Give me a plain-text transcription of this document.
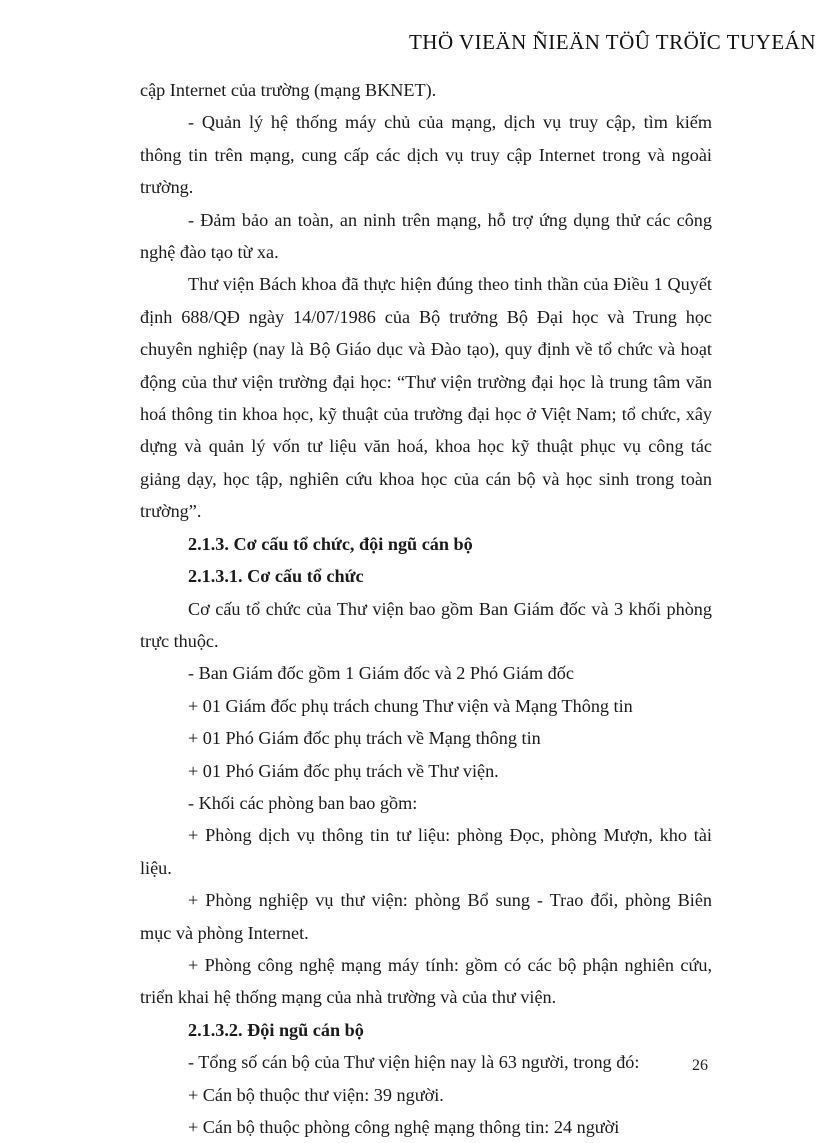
THÖ VIEÄN ÑIEÄN TÖÛ TRÖÏC TUYEÁN

cập Internet của trường (mạng BKNET).

- Quản lý hệ thống máy chủ của mạng, dịch vụ truy cập, tìm kiếm thông tin trên mạng, cung cấp các dịch vụ truy cập Internet trong và ngoài trường.

- Đảm bảo an toàn, an ninh trên mạng, hỗ trợ ứng dụng thử các công nghệ đào tạo từ xa.

Thư viện Bách khoa đã thực hiện đúng theo tinh thần của Điều 1 Quyết định 688/QĐ ngày 14/07/1986 của Bộ trưởng Bộ Đại học và Trung học chuyên nghiệp (nay là Bộ Giáo dục và Đào tạo), quy định về tổ chức và hoạt động của thư viện trường đại học: “Thư viện trường đại học là trung tâm văn hoá thông tin khoa học, kỹ thuật của trường đại học ở Việt Nam; tổ chức, xây dựng và quản lý vốn tư liệu văn hoá, khoa học kỹ thuật phục vụ công tác giảng dạy, học tập, nghiên cứu khoa học của cán bộ và học sinh trong toàn trường”.

2.1.3. Cơ cấu tổ chức, đội ngũ cán bộ

2.1.3.1. Cơ cấu tổ chức

Cơ cấu tổ chức của Thư viện bao gồm Ban Giám đốc và 3 khối phòng trực thuộc.

- Ban Giám đốc gồm 1 Giám đốc và 2 Phó Giám đốc

+ 01 Giám đốc phụ trách chung Thư viện và Mạng Thông tin

+ 01 Phó Giám đốc phụ trách về Mạng thông tin

+ 01 Phó Giám đốc phụ trách về Thư viện.

- Khối các phòng ban bao gồm:

+ Phòng dịch vụ thông tin tư liệu: phòng Đọc, phòng Mượn, kho tài liệu.

+ Phòng nghiệp vụ thư viện: phòng Bổ sung - Trao đổi, phòng Biên mục và phòng Internet.

+ Phòng công nghệ mạng máy tính: gồm có các bộ phận nghiên cứu, triển khai hệ thống mạng của nhà trường và của thư viện.

2.1.3.2. Đội ngũ cán bộ

- Tổng số cán bộ của Thư viện hiện nay là 63 người, trong đó:

+ Cán bộ thuộc thư viện: 39 người.

+ Cán bộ thuộc phòng công nghệ mạng thông tin: 24 người

26
